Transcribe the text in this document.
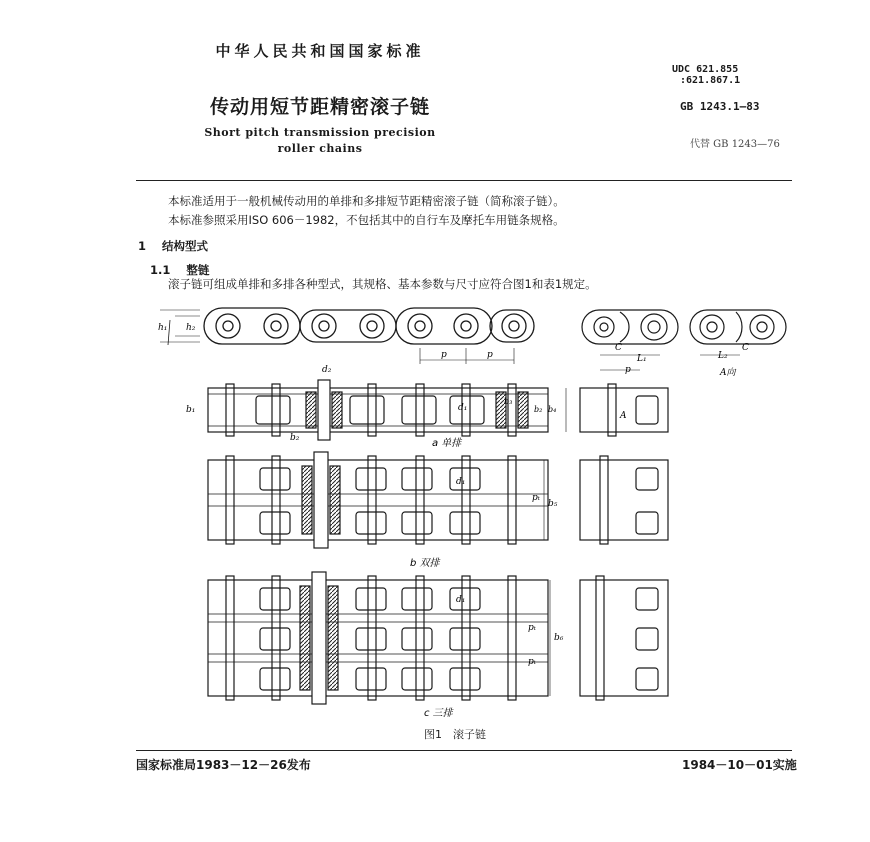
中华人民共和国国家标准
UDC 621.855
:621.867.1
传动用短节距精密滚子链	GB 1243.1—83
Short pitch transmission precision
roller chains	代替 GB 1243—76
本标准适用于一般机械传动用的单排和多排短节距精密滚子链（简称滚子链）。
本标准参照采用ISO 606－1982，不包括其中的自行车及摩托车用链条规格。
1 结构型式
1.1 整链
滚子链可组成单排和多排各种型式，其规格、基本参数与尺寸应符合图1和表1规定。
p	p
h₁ h₂
C
L₁
p
L₂
C
A向
d₂
d₁
b₁
b₂
b₃
b₂ b₄
A
a 单排
d₁
pₜ
b₅
b 双排
d₁
pₜ
pₜ
b₆
c 三排
图1　滚子链
国家标准局1983－12－26发布	1984－10－01实施
